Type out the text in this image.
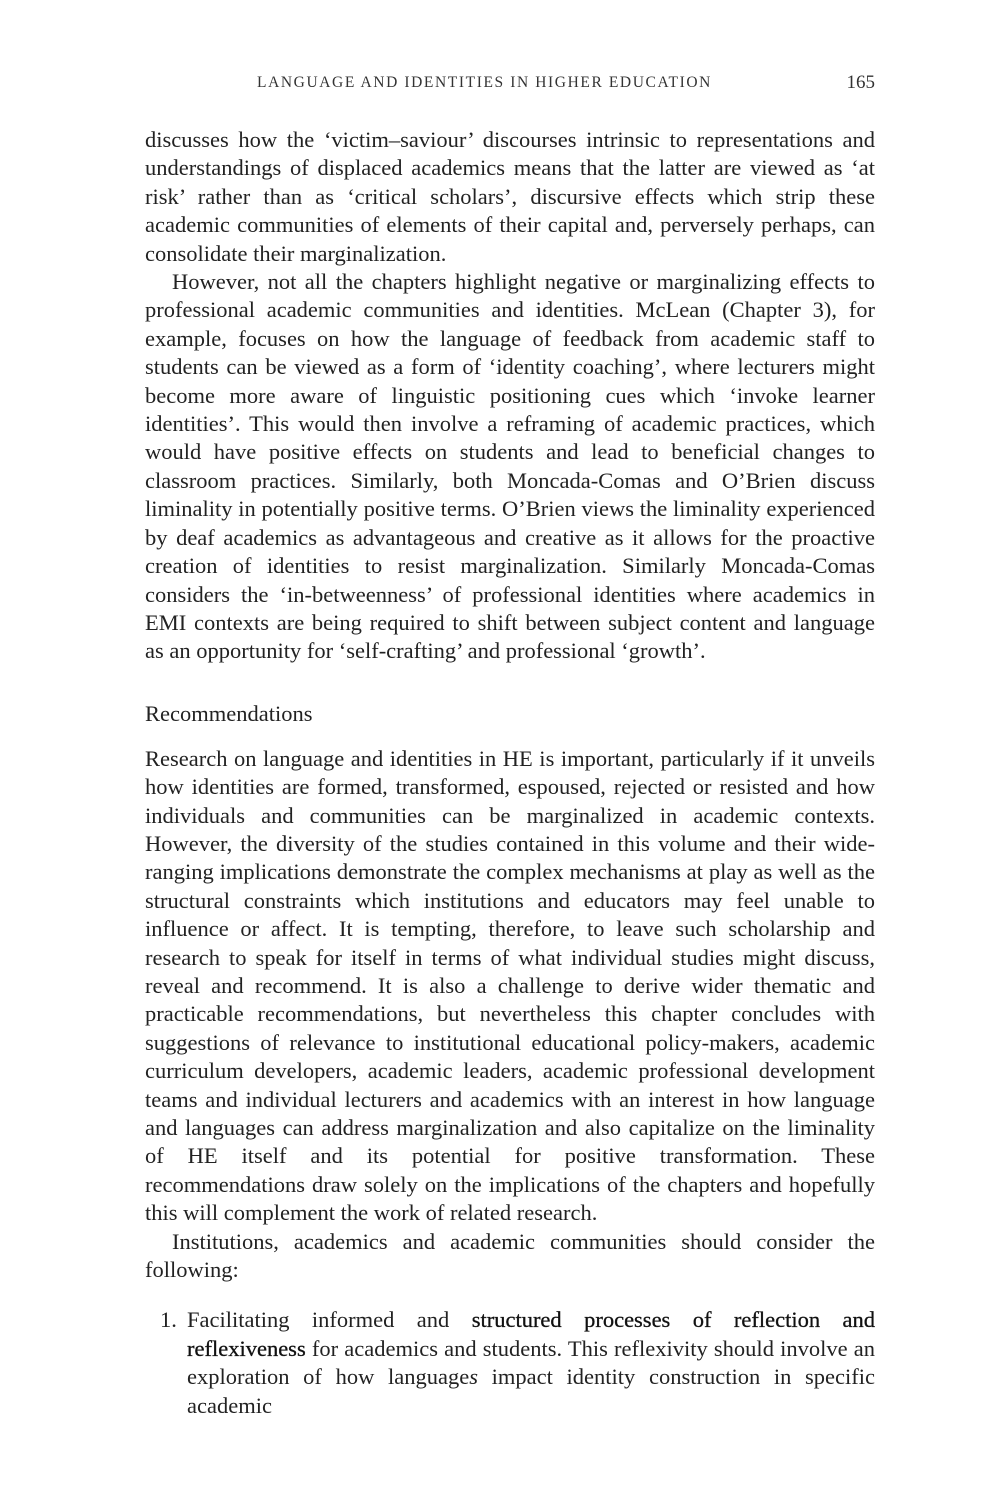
LANGUAGE AND IDENTITIES IN HIGHER EDUCATION	165

discusses how the ‘victim–saviour’ discourses intrinsic to representations and understandings of displaced academics means that the latter are viewed as ‘at risk’ rather than as ‘critical scholars’, discursive effects which strip these academic communities of elements of their capital and, perversely perhaps, can consolidate their marginalization.

However, not all the chapters highlight negative or marginalizing effects to professional academic communities and identities. McLean (Chapter 3), for example, focuses on how the language of feedback from academic staff to students can be viewed as a form of ‘identity coaching’, where lecturers might become more aware of linguistic positioning cues which ‘invoke learner identities’. This would then involve a reframing of academic practices, which would have positive effects on students and lead to beneficial changes to classroom practices. Similarly, both Moncada-Comas and O’Brien discuss liminality in potentially positive terms. O’Brien views the liminality experienced by deaf academics as advantageous and creative as it allows for the proactive creation of identities to resist marginalization. Similarly Moncada-Comas considers the ‘in-betweenness’ of professional identities where academics in EMI contexts are being required to shift between subject content and language as an opportunity for ‘self-crafting’ and professional ‘growth’.

Recommendations

Research on language and identities in HE is important, particularly if it unveils how identities are formed, transformed, espoused, rejected or resisted and how individuals and communities can be marginalized in academic contexts. However, the diversity of the studies contained in this volume and their wide-ranging implications demonstrate the complex mechanisms at play as well as the structural constraints which institutions and educators may feel unable to influence or affect. It is tempting, therefore, to leave such scholarship and research to speak for itself in terms of what individual studies might discuss, reveal and recommend. It is also a challenge to derive wider thematic and practicable recommendations, but nevertheless this chapter concludes with suggestions of relevance to institutional educational policy-makers, academic curriculum developers, academic leaders, academic professional development teams and individual lecturers and academics with an interest in how language and languages can address marginalization and also capitalize on the liminality of HE itself and its potential for positive transformation. These recommendations draw solely on the implications of the chapters and hopefully this will complement the work of related research.

Institutions, academics and academic communities should consider the following:

1. Facilitating informed and structured processes of reflection and reflexiveness for academics and students. This reflexivity should involve an exploration of how languages impact identity construction in specific academic
